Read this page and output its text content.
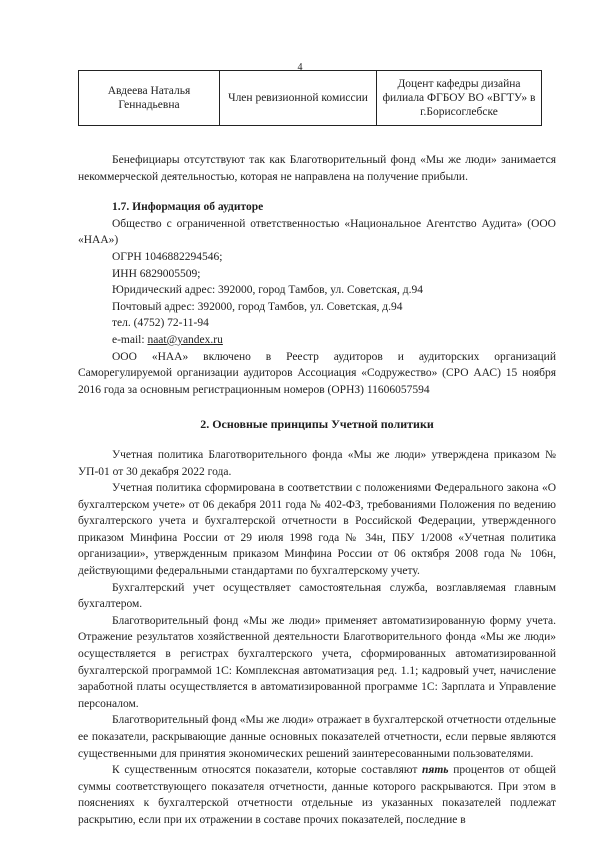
4
Авдеева Наталья Геннадьевна	Член ревизионной комиссии	Доцент кафедры дизайна филиала ФГБОУ ВО «ВГТУ» в г.Борисоглебске

Бенефициары отсутствуют так как Благотворительный фонд «Мы же люди» занимается некоммерческой деятельностью, которая не направлена на получение прибыли.

1.7. Информация об аудиторе

Общество с ограниченной ответственностью «Национальное Агентство Аудита» (ООО «НАА»)

ОГРН 1046882294546;

ИНН 6829005509;

Юридический адрес: 392000, город Тамбов, ул. Советская, д.94

Почтовый адрес: 392000, город Тамбов, ул. Советская, д.94

тел. (4752) 72-11-94

e-mail: naat@yandex.ru

ООО «НАА» включено в Реестр аудиторов и аудиторских организаций Саморегулируемой организации аудиторов Ассоциация «Содружество» (СРО ААС) 15 ноября 2016 года за основным регистрационным номеров (ОРНЗ) 11606057594

2. Основные принципы Учетной политики

Учетная политика Благотворительного фонда «Мы же люди» утверждена приказом № УП-01 от 30 декабря 2022 года.

Учетная политика сформирована в соответствии с положениями Федерального закона «О бухгалтерском учете» от 06 декабря 2011 года № 402-ФЗ, требованиями Положения по ведению бухгалтерского учета и бухгалтерской отчетности в Российской Федерации, утвержденного приказом Минфина России от 29 июля 1998 года № 34н, ПБУ 1/2008 «Учетная политика организации», утвержденным приказом Минфина России от 06 октября 2008 года № 106н, действующими федеральными стандартами по бухгалтерскому учету.

Бухгалтерский учет осуществляет самостоятельная служба, возглавляемая главным бухгалтером.

Благотворительный фонд «Мы же люди» применяет автоматизированную форму учета. Отражение результатов хозяйственной деятельности Благотворительного фонда «Мы же люди» осуществляется в регистрах бухгалтерского учета, сформированных автоматизированной бухгалтерской программой 1С: Комплексная автоматизация ред. 1.1; кадровый учет, начисление заработной платы осуществляется в автоматизированной программе 1С: Зарплата и Управление персоналом.

Благотворительный фонд «Мы же люди» отражает в бухгалтерской отчетности отдельные ее показатели, раскрывающие данные основных показателей отчетности, если первые являются существенными для принятия экономических решений заинтересованными пользователями.

К существенным относятся показатели, которые составляют пять процентов от общей суммы соответствующего показателя отчетности, данные которого раскрываются. При этом в пояснениях к бухгалтерской отчетности отдельные из указанных показателей подлежат раскрытию, если при их отражении в составе прочих показателей, последние в
